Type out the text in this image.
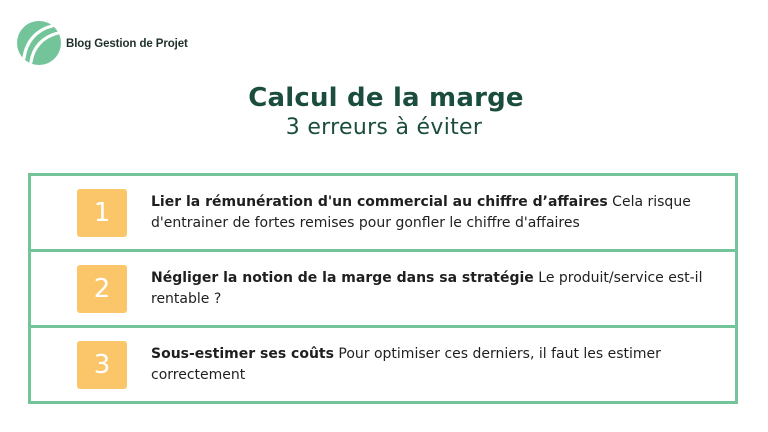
Blog Gestion de Projet
Calcul de la marge
3 erreurs à éviter
1	Lier la rémunération d'un commercial au chiffre d’affaires Cela risque d'entrainer de fortes remises pour gonfler le chiffre d'affaires
2	Négliger la notion de la marge dans sa stratégie Le produit/service est-il rentable ?
3	Sous-estimer ses coûts Pour optimiser ces derniers, il faut les estimer correctement
